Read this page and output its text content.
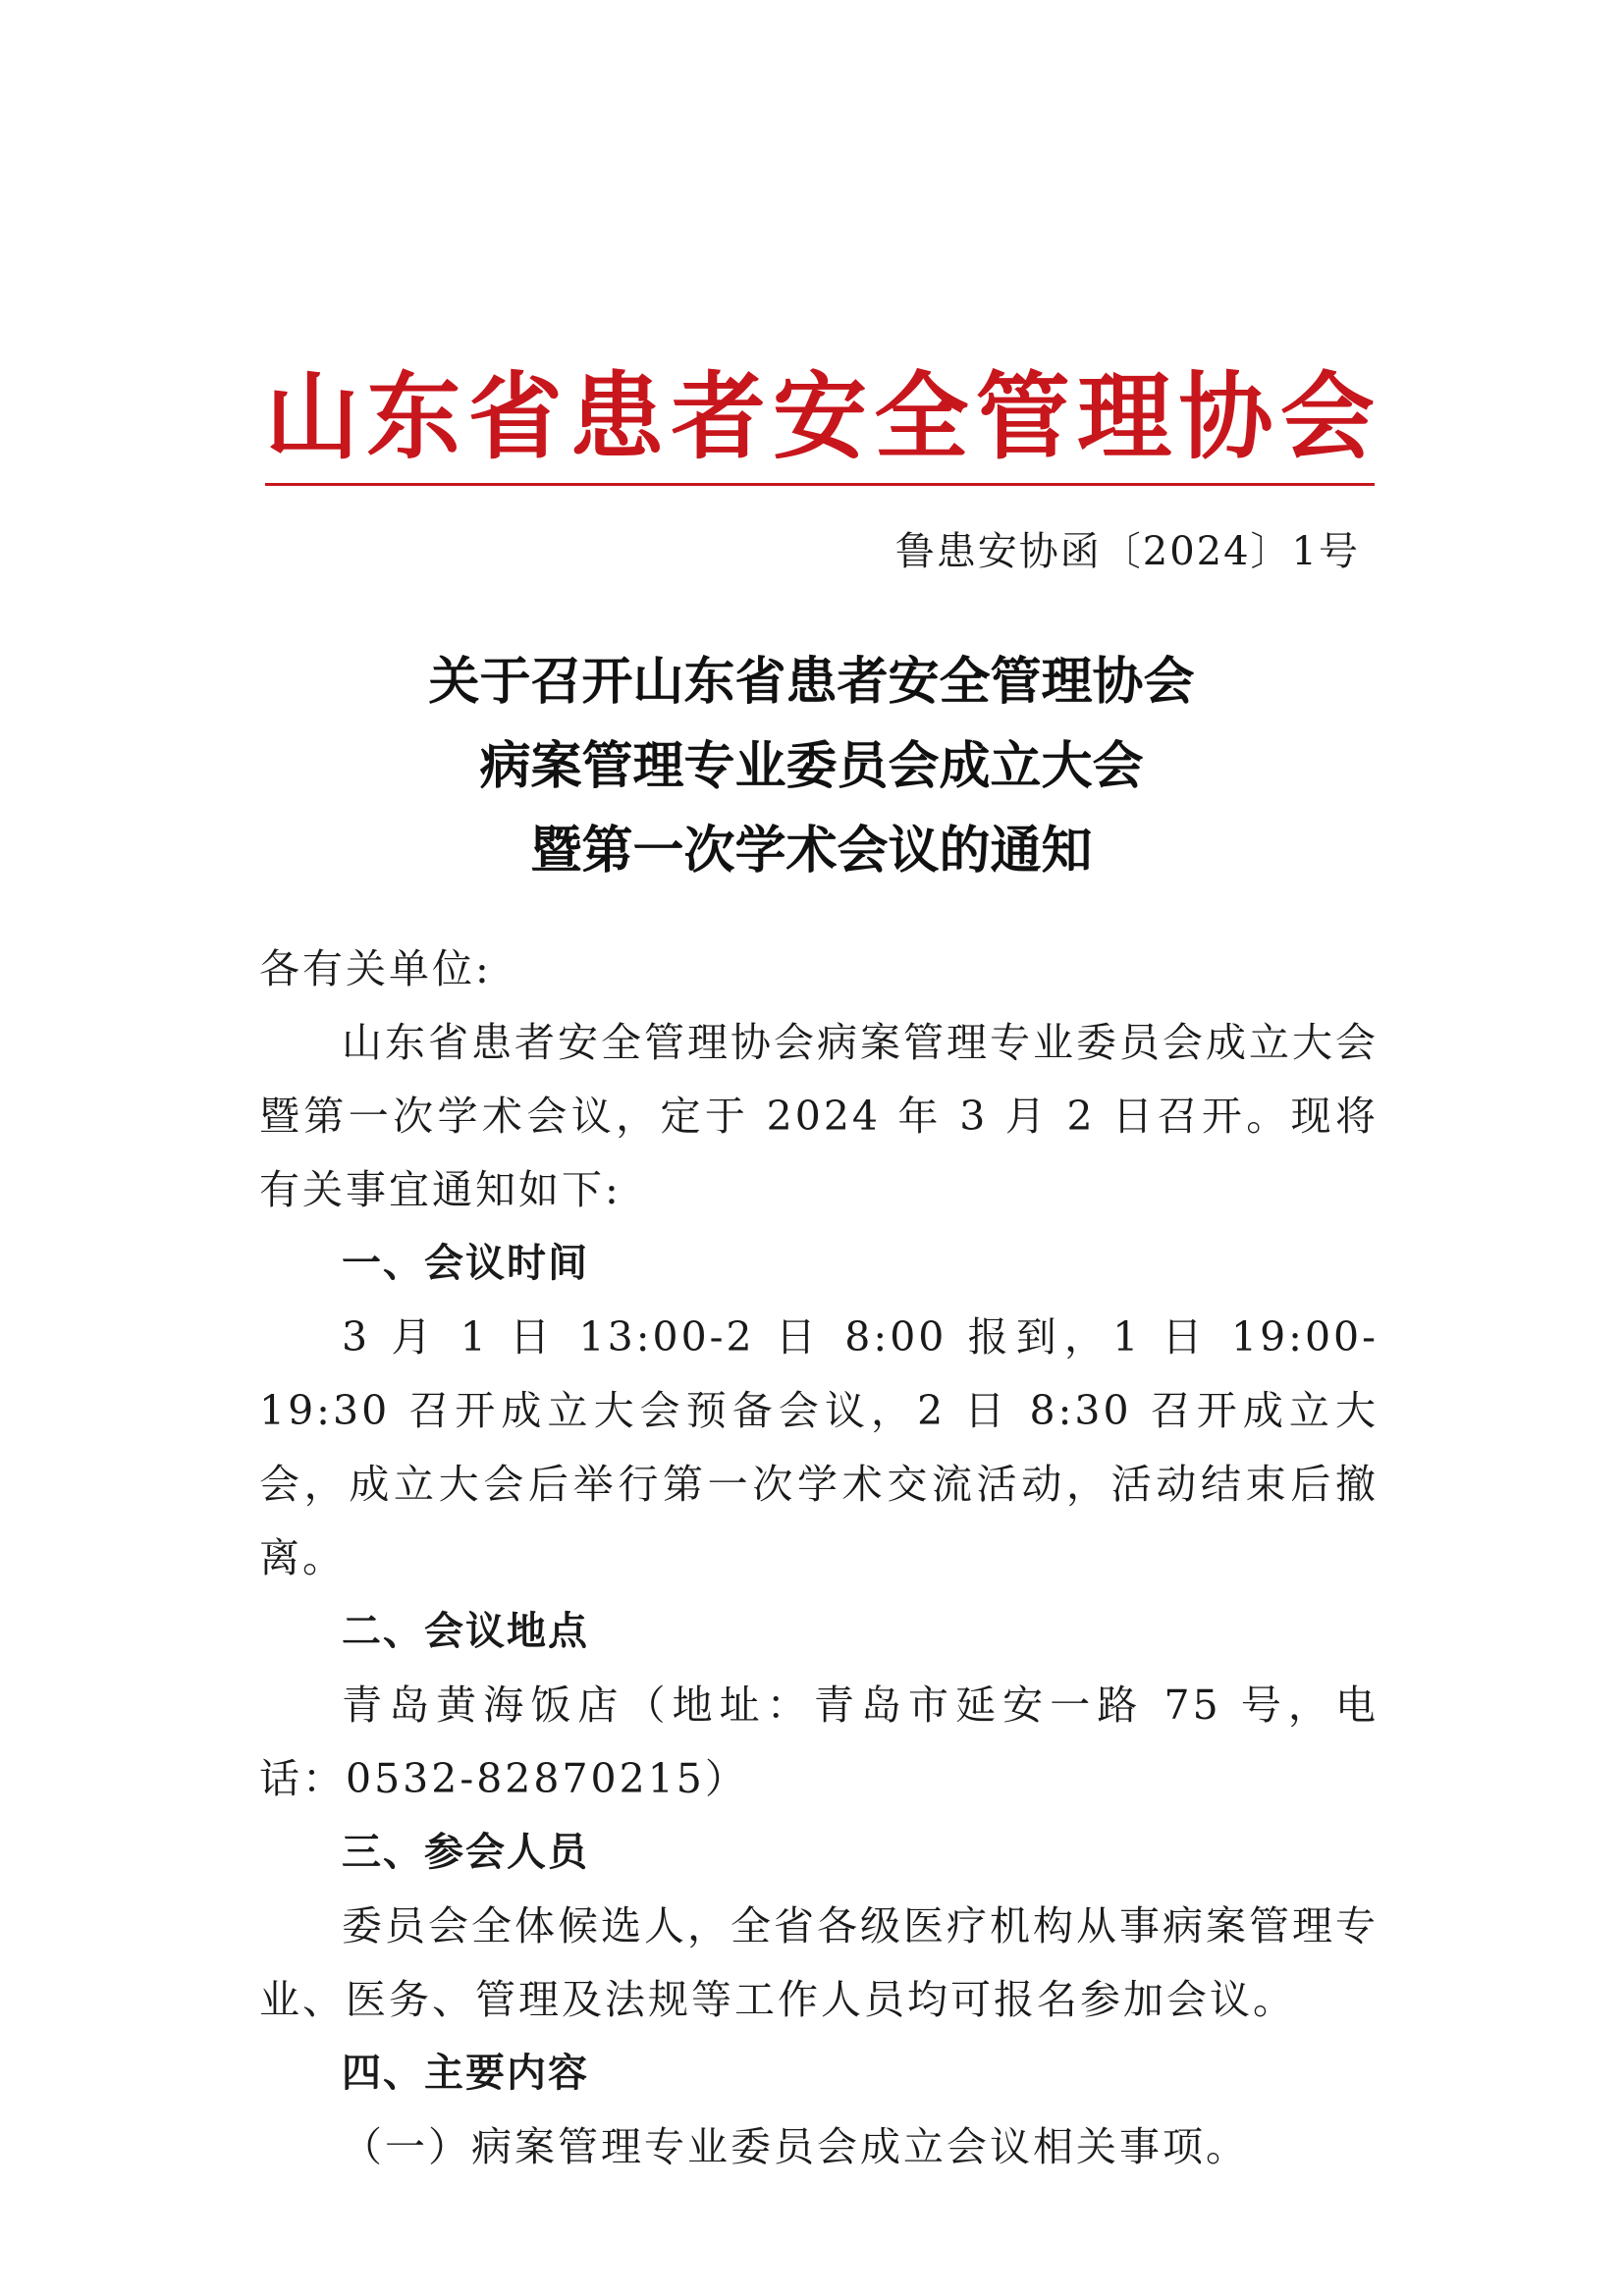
山 东 省 患 者 安 全 管 理 协 会
鲁患安协函〔2024〕1号
关于召开山东省患者安全管理协会
病案管理专业委员会成立大会
暨第一次学术会议的通知
各有关单位:

山东省患者安全管理协会病案管理专业委员会成立大会暨第一次学术会议，定于 2024 年 3 月 2 日召开。现将有关事宜通知如下:

一、会议时间

3 月 1 日 13:00-2 日 8:00 报到，1 日 19:00-19:30 召开成立大会预备会议，2 日 8:30 召开成立大会，成立大会后举行第一次学术交流活动，活动结束后撤离。

二、会议地点

青岛黄海饭店（地址：青岛市延安一路 75 号，电话：0532-82870215）

三、参会人员

委员会全体候选人，全省各级医疗机构从事病案管理专业、医务、管理及法规等工作人员均可报名参加会议。

四、主要内容

（一）病案管理专业委员会成立会议相关事项。
